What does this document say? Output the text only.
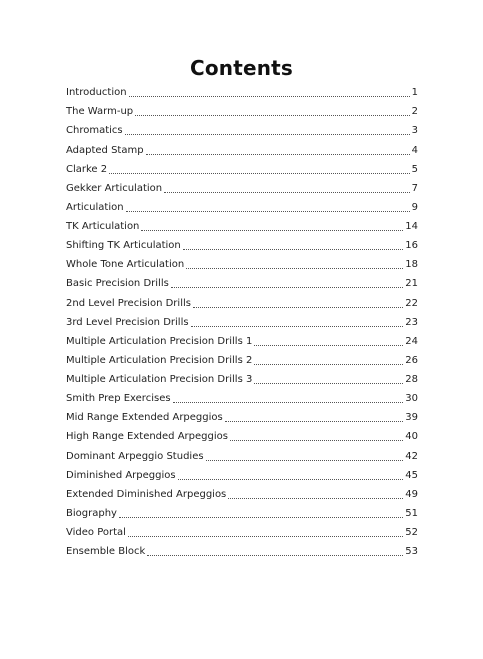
Contents
Introduction	1
The Warm-up	2
Chromatics	3
Adapted Stamp	4
Clarke 2	5
Gekker Articulation	7
Articulation	9
TK Articulation	14
Shifting TK Articulation	16
Whole Tone Articulation	18
Basic Precision Drills	21
2nd Level Precision Drills	22
3rd Level Precision Drills	23
Multiple Articulation Precision Drills 1	24
Multiple Articulation Precision Drills 2	26
Multiple Articulation Precision Drills 3	28
Smith Prep Exercises	30
Mid Range Extended Arpeggios	39
High Range Extended Arpeggios	40
Dominant Arpeggio Studies	42
Diminished Arpeggios	45
Extended Diminished Arpeggios	49
Biography	51
Video Portal	52
Ensemble Block	53
